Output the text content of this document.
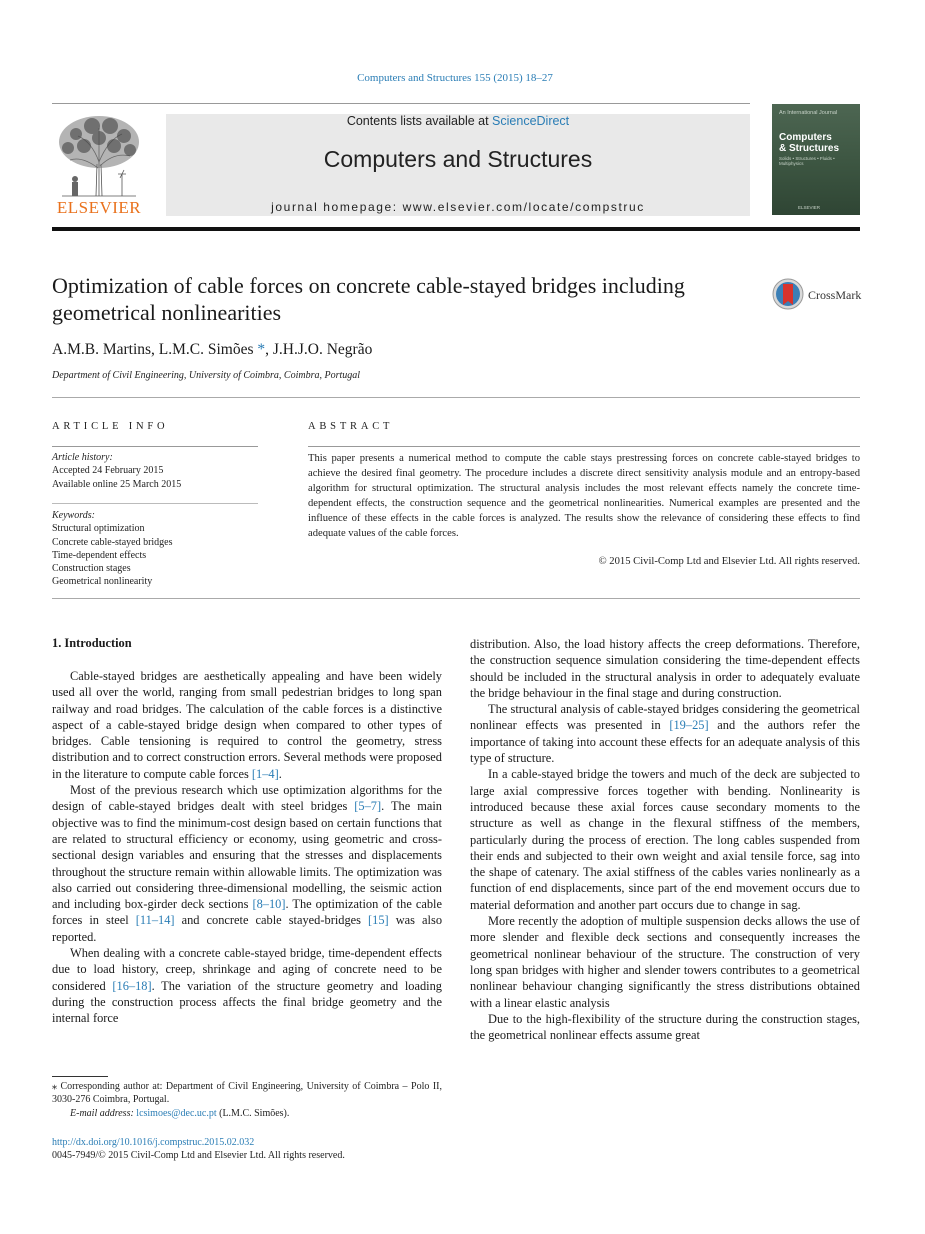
Computers and Structures 155 (2015) 18–27
ELSEVIER
Contents lists available at ScienceDirect
Computers and Structures
journal homepage: www.elsevier.com/locate/compstruc
An International Journal
Computers
& Structures
Solids • Structures • Fluids • Multiphysics
ELSEVIER
Optimization of cable forces on concrete cable-stayed bridges including
geometrical nonlinearities
CrossMark
A.M.B. Martins, L.M.C. Simões *, J.H.J.O. Negrão
Department of Civil Engineering, University of Coimbra, Coimbra, Portugal
ARTICLE INFO	ABSTRACT
Article history:
Accepted 24 February 2015
Available online 25 March 2015
Keywords:
Structural optimization
Concrete cable-stayed bridges
Time-dependent effects
Construction stages
Geometrical nonlinearity
This paper presents a numerical method to compute the cable stays prestressing forces on concrete cable-stayed bridges to achieve the desired final geometry. The procedure includes a discrete direct sensitivity analysis module and an entropy-based algorithm for structural optimization. The structural analysis includes the most relevant effects namely the concrete time-dependent effects, the construction sequence and the geometrical nonlinearities. Numerical examples are presented and the influence of these effects in the cable forces is analyzed. The results show the relevance of considering these effects to find adequate values of the cable forces.
© 2015 Civil-Comp Ltd and Elsevier Ltd. All rights reserved.
1. Introduction

Cable-stayed bridges are aesthetically appealing and have been widely used all over the world, ranging from small pedestrian bridges to long span railway and road bridges. The calculation of the cable forces is a distinctive aspect of a cable-stayed bridge design when compared to other types of bridges. Cable tensioning is required to control the geometry, stress distribution and to correct construction errors. Several methods were proposed in the literature to compute cable forces [1–4].

Most of the previous research which use optimization algorithms for the design of cable-stayed bridges dealt with steel bridges [5–7]. The main objective was to find the minimum-cost design based on certain functions that are related to structural efficiency or economy, using geometric and cross-sectional design variables and ensuring that the stresses and displacements throughout the structure remain within allowable limits. The optimization was also carried out considering three-dimensional modelling, the seismic action and including box-girder deck sections [8–10]. The optimization of the cable forces in steel [11–14] and concrete cable stayed-bridges [15] was also reported.

When dealing with a concrete cable-stayed bridge, time-dependent effects due to load history, creep, shrinkage and aging of concrete need to be considered [16–18]. The variation of the structure geometry and loading during the construction process affects the final bridge geometry and the internal force

distribution. Also, the load history affects the creep deformations. Therefore, the construction sequence simulation considering the time-dependent effects should be included in the structural analysis in order to adequately evaluate the bridge behaviour in the final stage and during construction.

The structural analysis of cable-stayed bridges considering the geometrical nonlinear effects was presented in [19–25] and the authors refer the importance of taking into account these effects for an adequate analysis of this type of structure.

In a cable-stayed bridge the towers and much of the deck are subjected to large axial compressive forces together with bending. Nonlinearity is introduced because these axial forces cause secondary moments to the structure as well as change in the flexural stiffness of the members, particularly during the process of erection. The long cables suspended from their ends and subjected to their own weight and axial tensile force, sag into the shape of catenary. The axial stiffness of the cables varies nonlinearly as a function of end displacements, since part of the end movement occurs due to material deformation and another part occurs due to change in sag.

More recently the adoption of multiple suspension decks allows the use of more slender and flexible deck sections and consequently increases the geometrical nonlinear behaviour of the structure. The construction of very long span bridges with higher and slender towers contributes to a geometrical nonlinear behaviour changing significantly the stress distributions obtained with a linear elastic analysis

Due to the high-flexibility of the structure during the construction stages, the geometrical nonlinear effects assume great

⁎ Corresponding author at: Department of Civil Engineering, University of Coimbra – Polo II, 3030-276 Coimbra, Portugal.
E-mail address: lcsimoes@dec.uc.pt (L.M.C. Simões).
http://dx.doi.org/10.1016/j.compstruc.2015.02.032
0045-7949/© 2015 Civil-Comp Ltd and Elsevier Ltd. All rights reserved.
